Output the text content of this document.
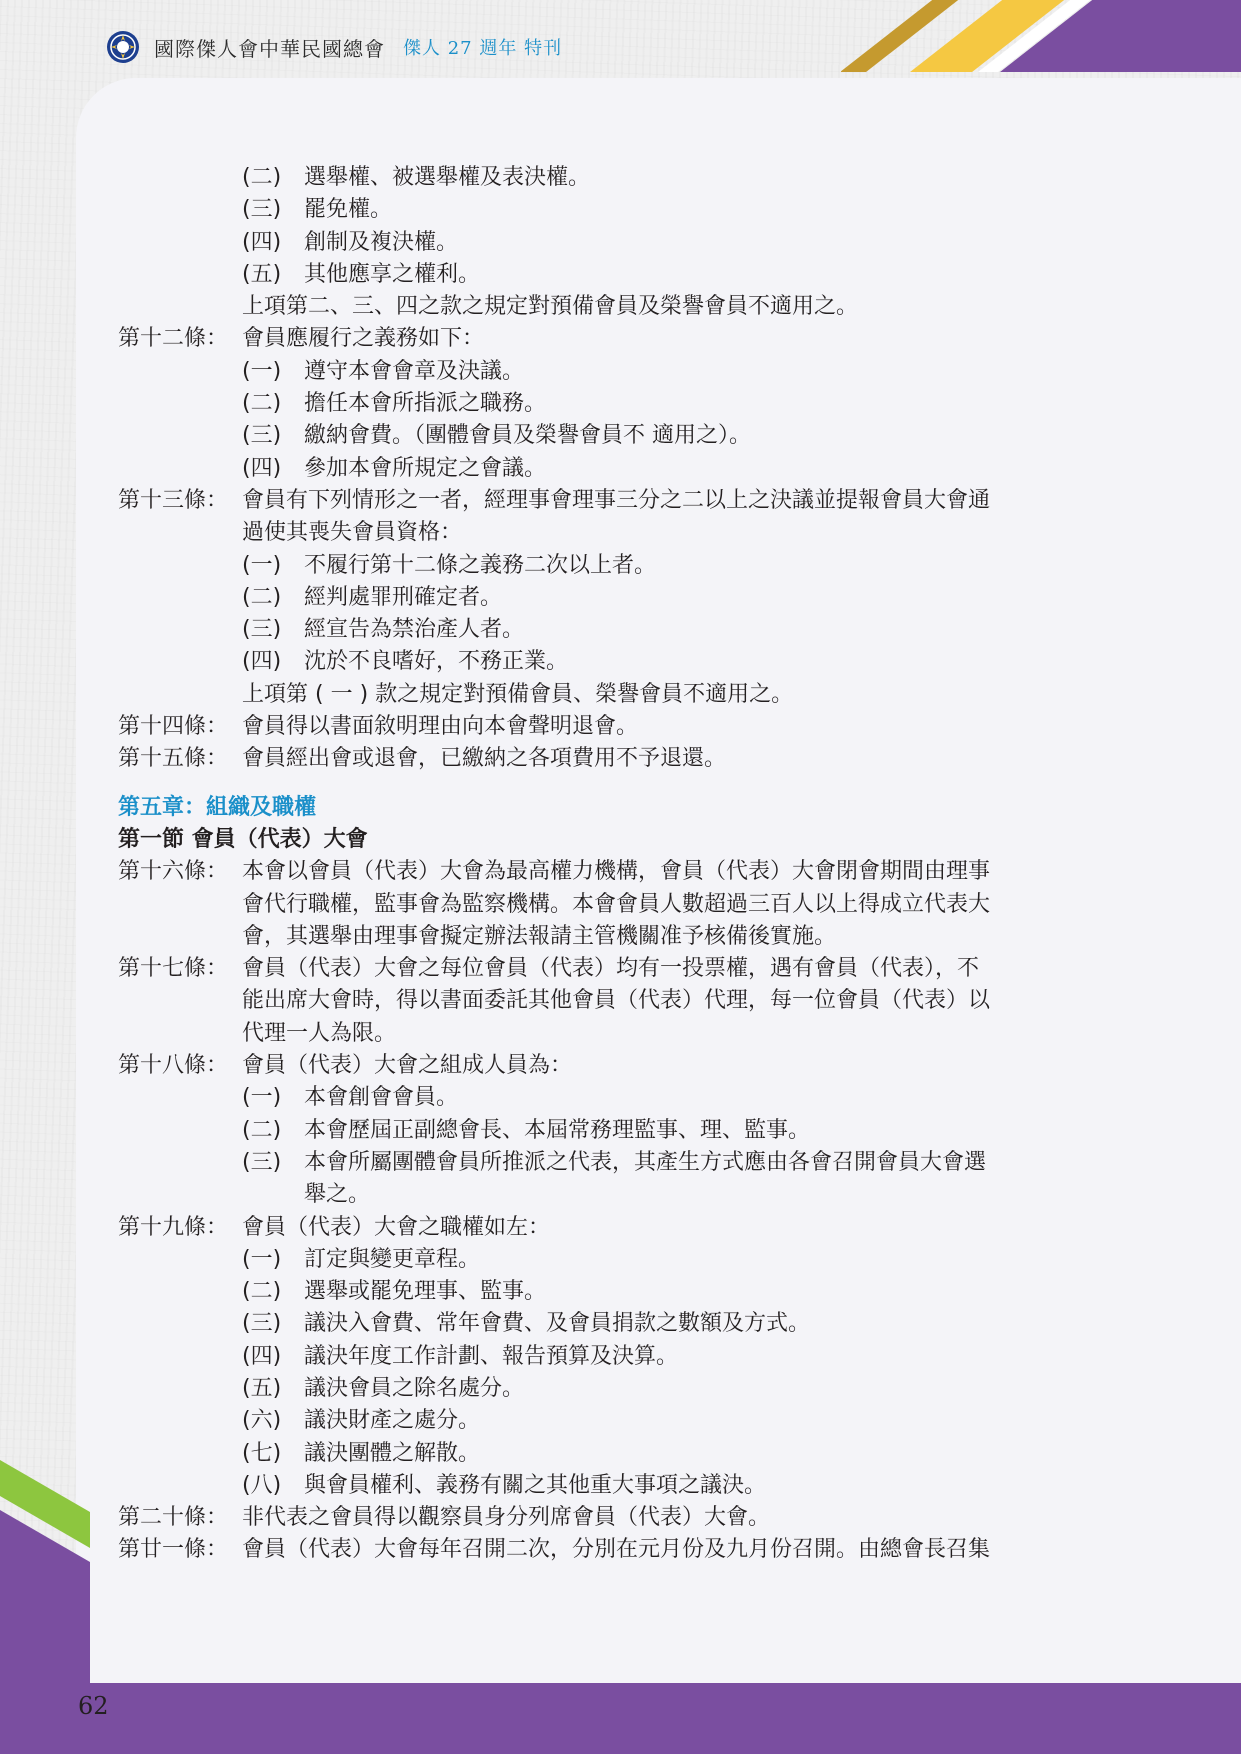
國際傑人會中華民國總會 傑人 27 週年 特刊
62
(二) 選舉權、被選舉權及表決權。
(三) 罷免權。
(四) 創制及複決權。
(五) 其他應享之權利。
上項第二、三、四之款之規定對預備會員及榮譽會員不適用之。
第十二條： 會員應履行之義務如下：
(一) 遵守本會會章及決議。
(二) 擔任本會所指派之職務。
(三) 繳納會費。（團體會員及榮譽會員不 適用之）。
(四) 參加本會所規定之會議。
第十三條： 會員有下列情形之一者，經理事會理事三分之二以上之決議並提報會員大會通
過使其喪失會員資格：
(一) 不履行第十二條之義務二次以上者。
(二) 經判處罪刑確定者。
(三) 經宣告為禁治產人者。
(四) 沈於不良嗜好，不務正業。
上項第 ( 一 ) 款之規定對預備會員、榮譽會員不適用之。
第十四條： 會員得以書面敘明理由向本會聲明退會。
第十五條： 會員經出會或退會，已繳納之各項費用不予退還。
第五章：組織及職權
第一節 會員（代表）大會
第十六條： 本會以會員（代表）大會為最高權力機構，會員（代表）大會閉會期間由理事
會代行職權，監事會為監察機構。本會會員人數超過三百人以上得成立代表大
會，其選舉由理事會擬定辦法報請主管機關准予核備後實施。
第十七條： 會員（代表）大會之每位會員（代表）均有一投票權，遇有會員（代表），不
能出席大會時，得以書面委託其他會員（代表）代理，每一位會員（代表）以
代理一人為限。
第十八條： 會員（代表）大會之組成人員為：
(一) 本會創會會員。
(二) 本會歷屆正副總會長、本屆常務理監事、理、監事。
(三) 本會所屬團體會員所推派之代表，其產生方式應由各會召開會員大會選
舉之。
第十九條： 會員（代表）大會之職權如左：
(一) 訂定與變更章程。
(二) 選舉或罷免理事、監事。
(三) 議決入會費、常年會費、及會員捐款之數額及方式。
(四) 議決年度工作計劃、報告預算及決算。
(五) 議決會員之除名處分。
(六) 議決財產之處分。
(七) 議決團體之解散。
(八) 與會員權利、義務有關之其他重大事項之議決。
第二十條： 非代表之會員得以觀察員身分列席會員（代表）大會。
第廿一條： 會員（代表）大會每年召開二次，分別在元月份及九月份召開。由總會長召集
